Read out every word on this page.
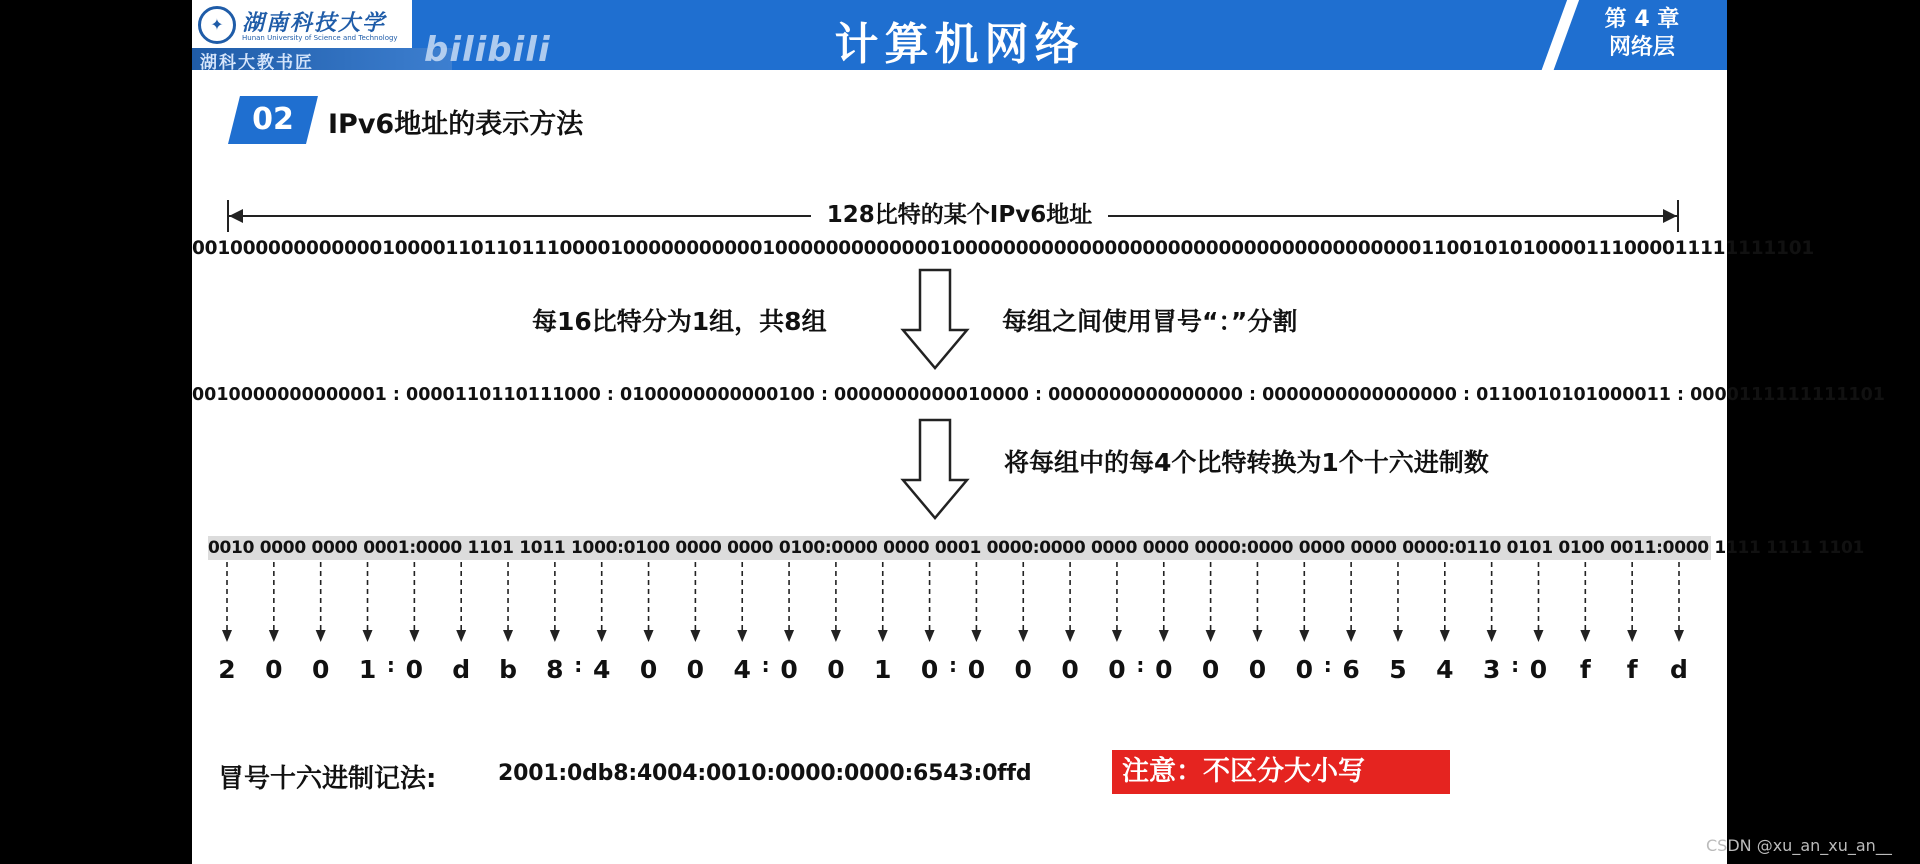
✦ 湖南科技大学
Hunan University of Science and Technology
湖科大教书匠	bilibili	计算机网络	第 4 章
网络层
02	IPv6地址的表示方法
128比特的某个IPv6地址
00100000000000010000110110111000010000000000010000000000000100000000000000000000000000000000000001100101010000111000011111111101
每16比特分为1组，共8组	每组之间使用冒号“：”分割
0010000000000001 : 0000110110111000 : 0100000000000100 : 0000000000010000 : 0000000000000000 : 0000000000000000 : 0110010101000011 : 0000111111111101
将每组中的每4个比特转换为1个十六进制数
0010 0000 0000 0001:0000 1101 1011 1000:0100 0000 0000 0100:0000 0000 0001 0000:0000 0000 0000 0000:0000 0000 0000 0000:0110 0101 0100 0011:0000 1111 1111 1101
2 0 0 1 : 0 d b 8 : 4 0 0 4 : 0 0 1 0 : 0 0 0 0 : 0 0 0 0 : 6 5 4 3 : 0 f f d
冒号十六进制记法:	2001:0db8:4004:0010:0000:0000:6543:0ffd	注意：不区分大小写
CSDN @xu_an_xu_an__
